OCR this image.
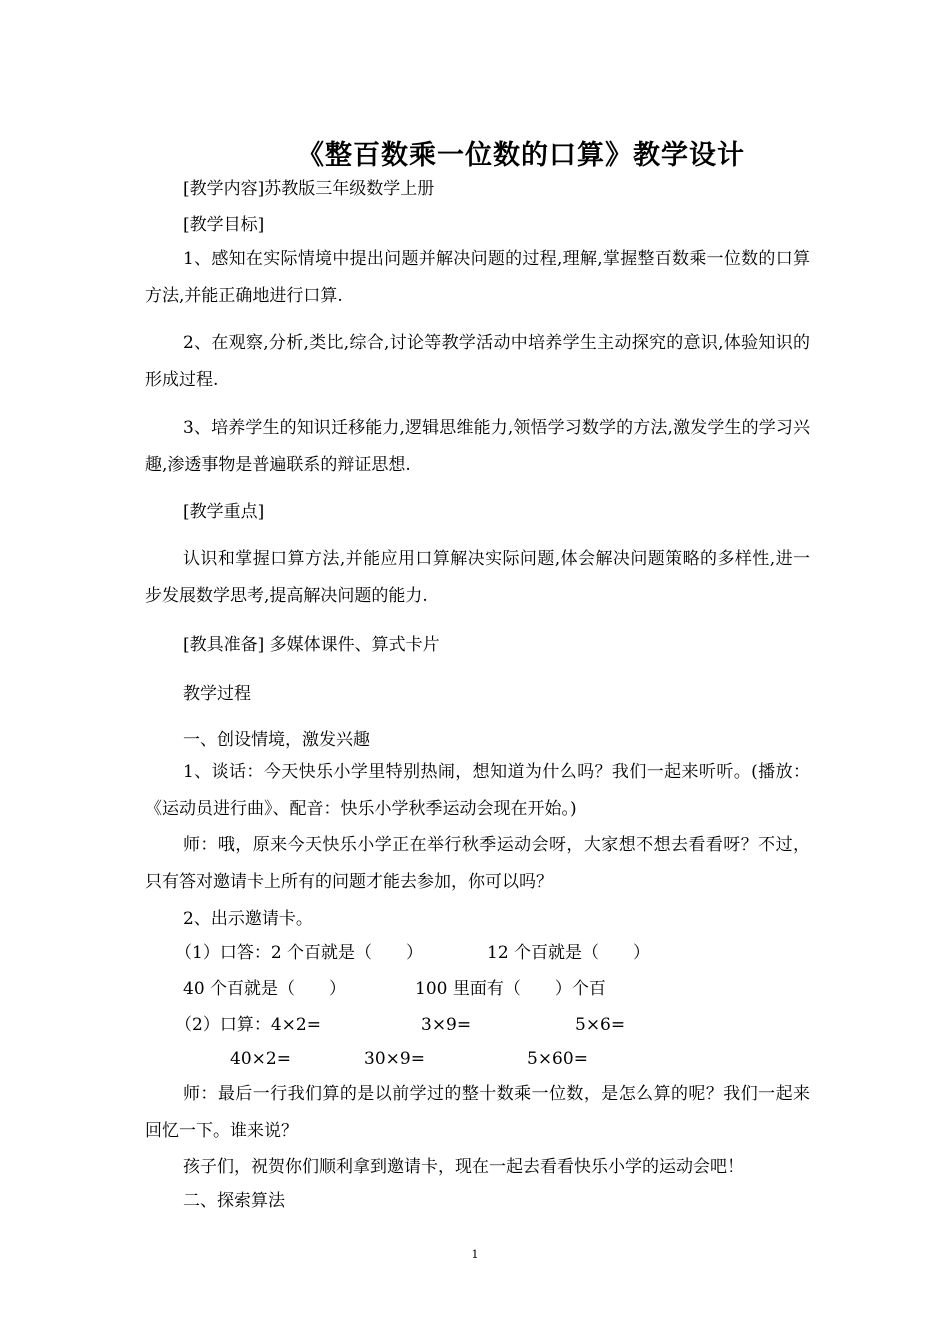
《整百数乘一位数的口算》教学设计
[教学内容]苏教版三年级数学上册
[教学目标]
1、感知在实际情境中提出问题并解决问题的过程,理解,掌握整百数乘一位数的口算方法,并能正确地进行口算.
2、在观察,分析,类比,综合,讨论等教学活动中培养学生主动探究的意识,体验知识的形成过程.
3、培养学生的知识迁移能力,逻辑思维能力,领悟学习数学的方法,激发学生的学习兴趣,渗透事物是普遍联系的辩证思想.
[教学重点]
认识和掌握口算方法,并能应用口算解决实际问题,体会解决问题策略的多样性,进一步发展数学思考,提高解决问题的能力.
[教具准备] 多媒体课件、算式卡片
教学过程
一、创设情境，激发兴趣
1、谈话：今天快乐小学里特别热闹，想知道为什么吗？我们一起来听听。(播放：《运动员进行曲》、配音：快乐小学秋季运动会现在开始。)
师：哦，原来今天快乐小学正在举行秋季运动会呀，大家想不想去看看呀？不过，只有答对邀请卡上所有的问题才能去参加，你可以吗？
2、出示邀请卡。
（1）口答：2 个百就是（　　）	12 个百就是（　　）
40 个百就是（　　）	100 里面有（　　）个百
（2）口算：4×2=	3×9=	5×6=
40×2=	30×9=	5×60=
师：最后一行我们算的是以前学过的整十数乘一位数，是怎么算的呢？我们一起来回忆一下。谁来说？
孩子们，祝贺你们顺利拿到邀请卡，现在一起去看看快乐小学的运动会吧！
二、探索算法
1
